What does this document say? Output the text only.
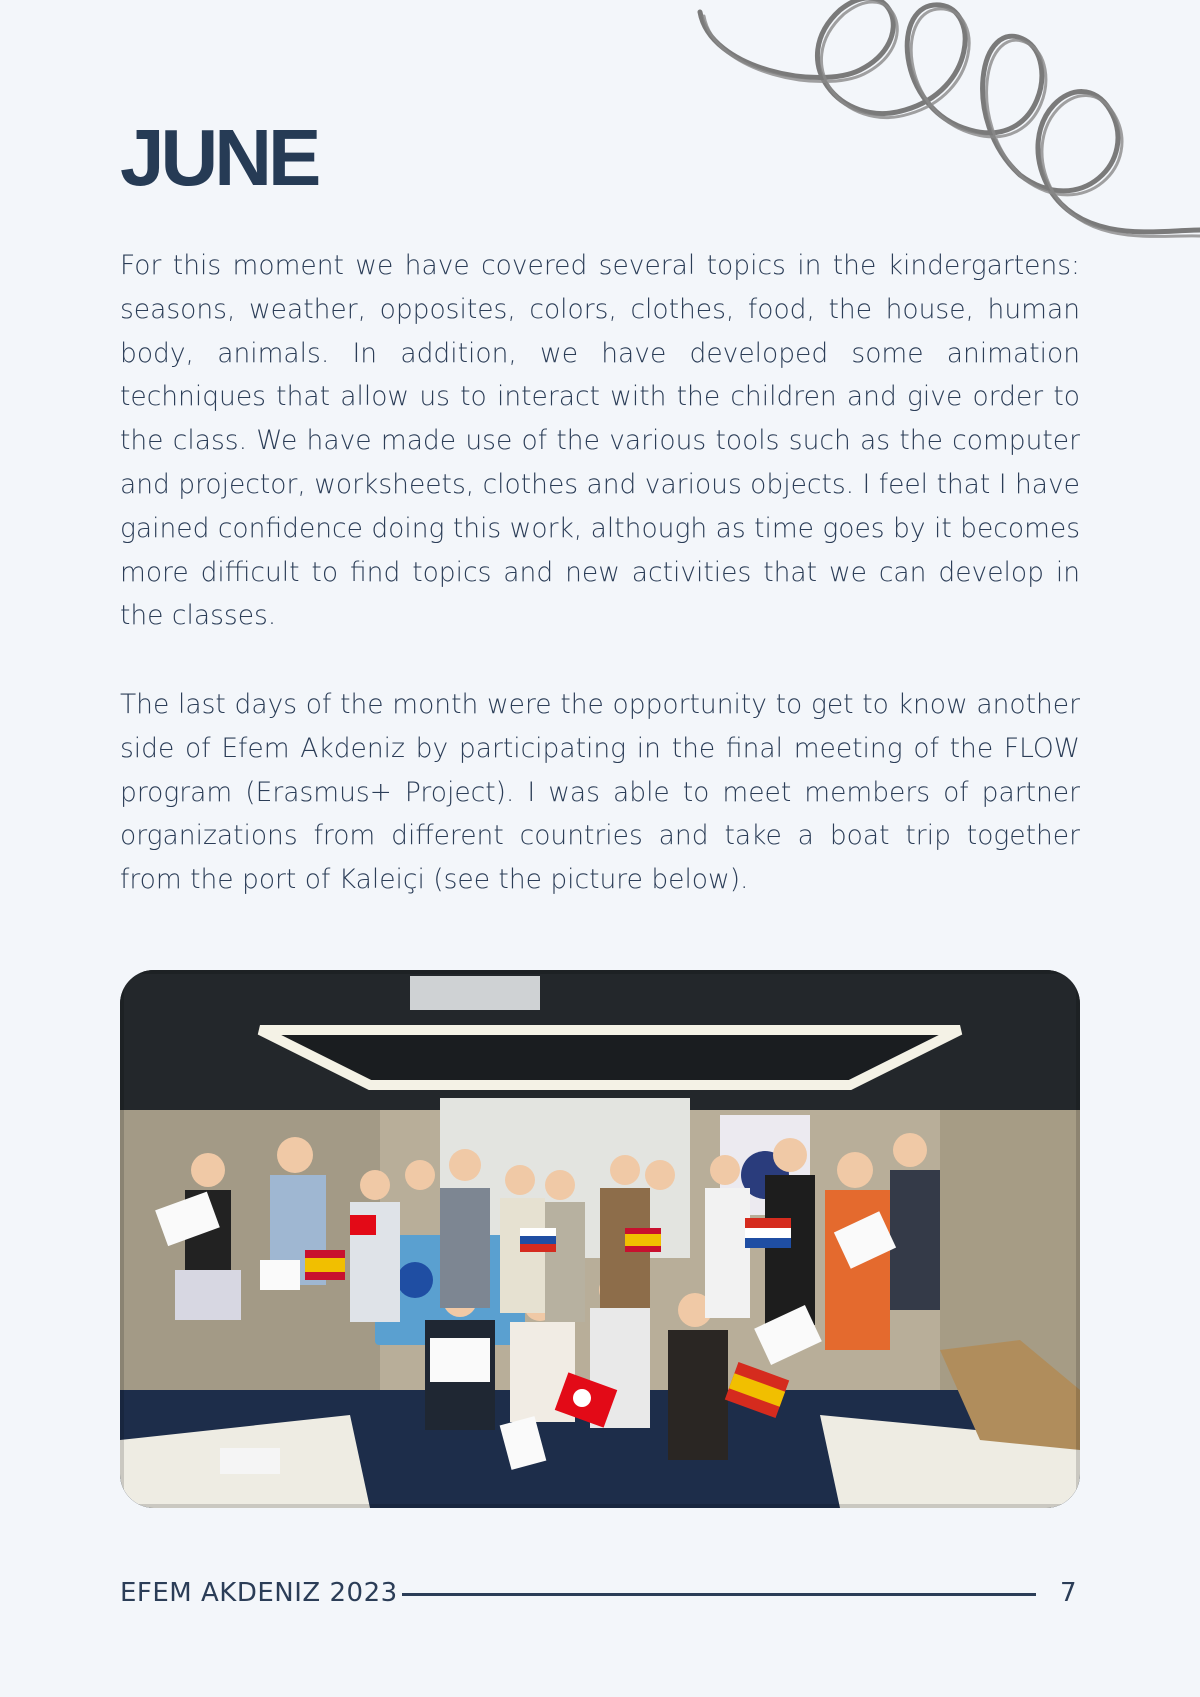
JUNE

For this moment we have covered several topics in the kindergartens: seasons, weather, opposites, colors, clothes, food, the house, human body, animals. In addition, we have developed some animation techniques that allow us to interact with the children and give order to the class. We have made use of the various tools such as the computer and projector, worksheets, clothes and various objects. I feel that I have gained confidence doing this work, although as time goes by it becomes more difficult to find topics and new activities that we can develop in the classes.

The last days of the month were the opportunity to get to know another side of Efem Akdeniz by participating in the final meeting of the FLOW program (Erasmus+ Project). I was able to meet members of partner organizations from different countries and take a boat trip together from the port of Kaleiçi (see the picture below).

EFEM AKDENIZ 2023	7
